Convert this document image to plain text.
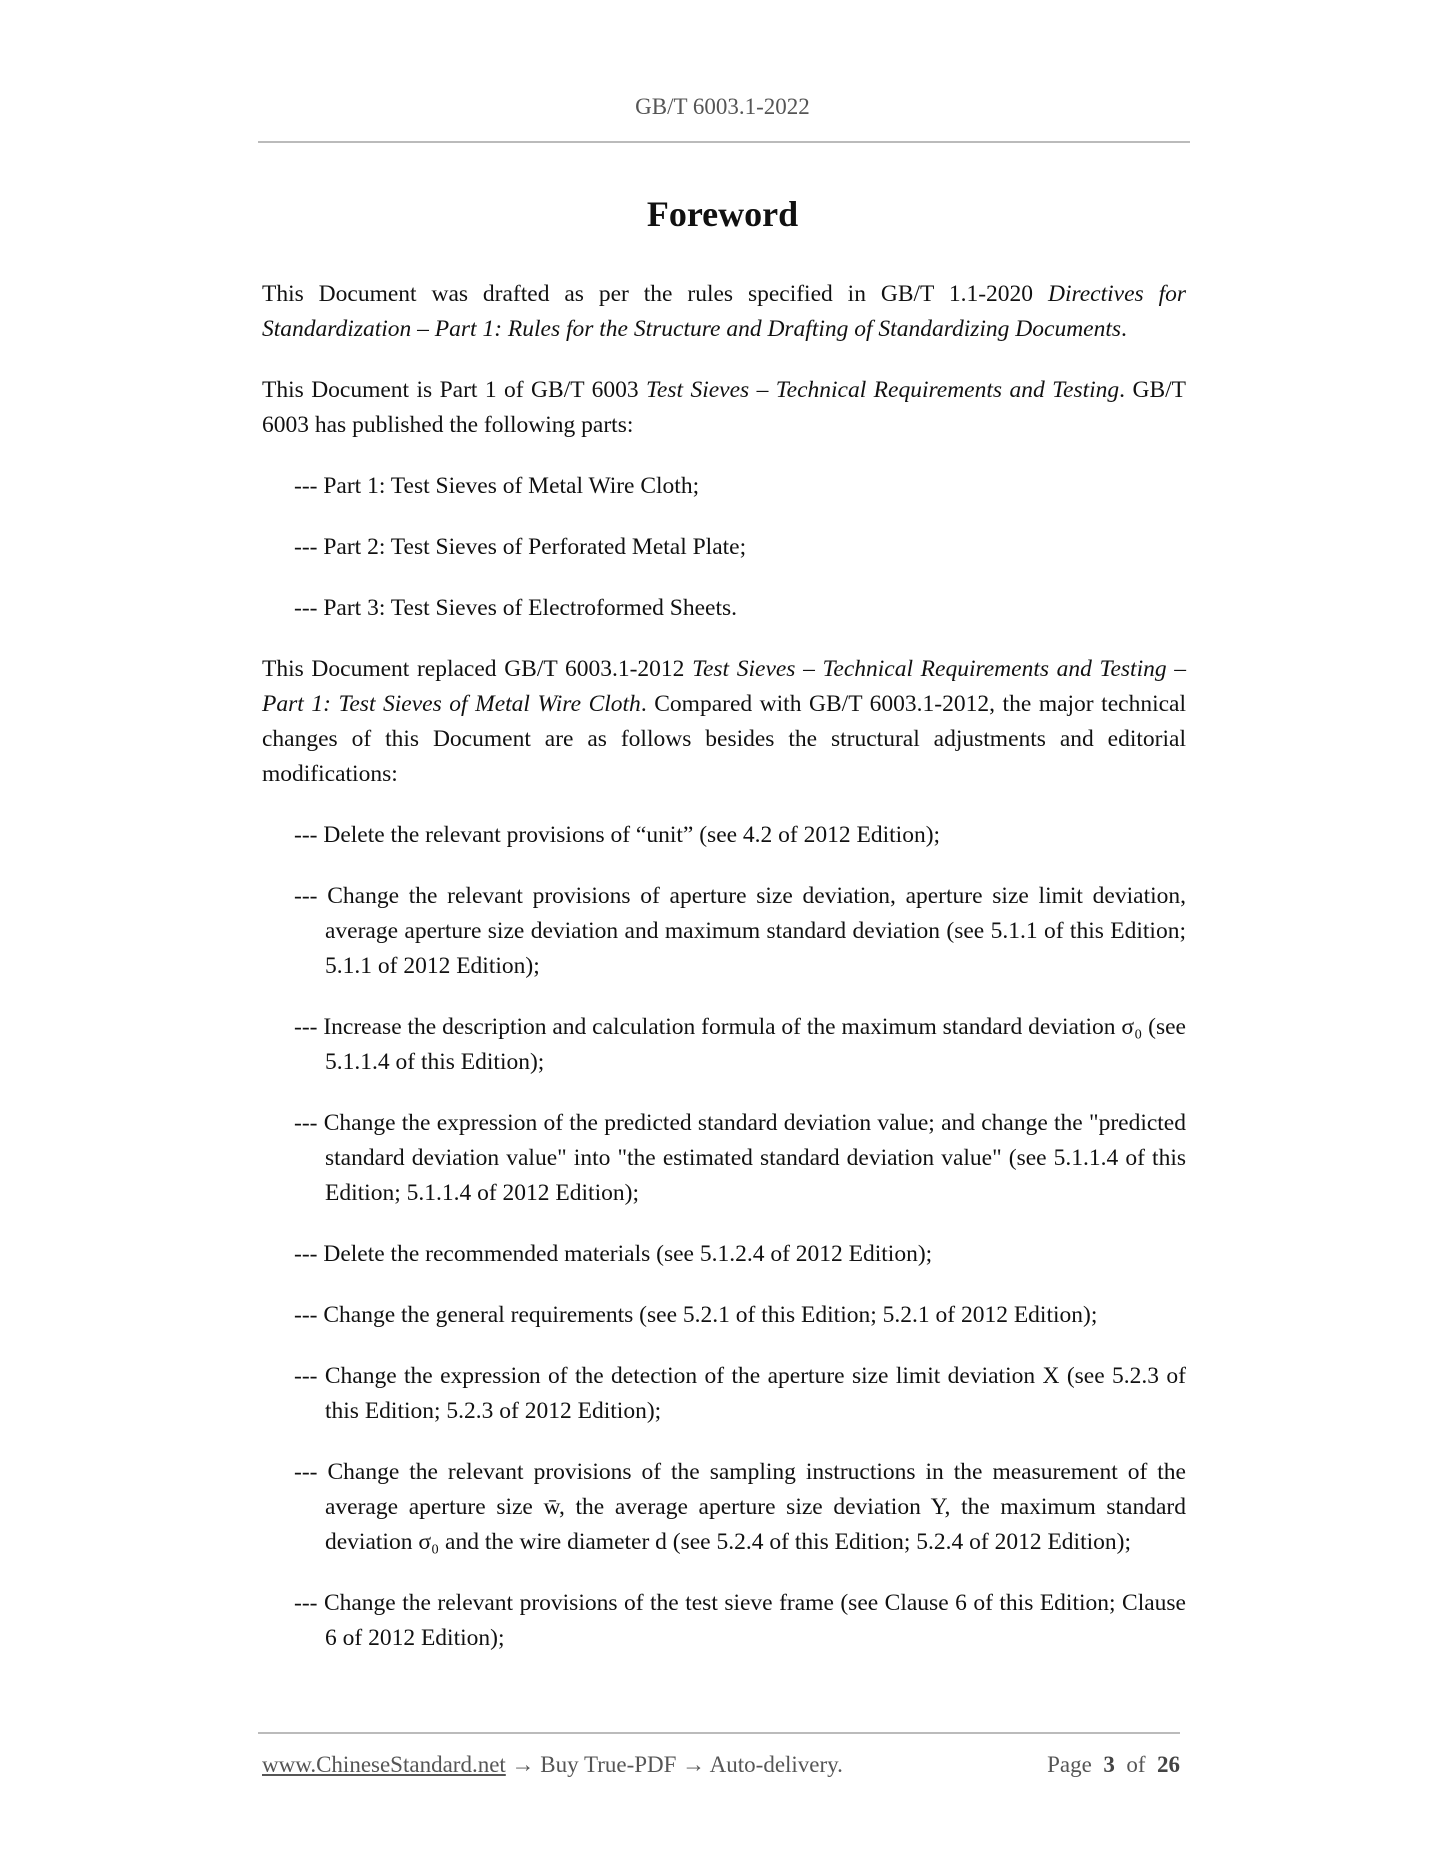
GB/T 6003.1-2022
Foreword

This Document was drafted as per the rules specified in GB/T 1.1-2020 Directives for Standardization – Part 1: Rules for the Structure and Drafting of Standardizing Documents.

This Document is Part 1 of GB/T 6003 Test Sieves – Technical Requirements and Testing. GB/T 6003 has published the following parts:

--- Part 1: Test Sieves of Metal Wire Cloth;

--- Part 2: Test Sieves of Perforated Metal Plate;

--- Part 3: Test Sieves of Electroformed Sheets.

This Document replaced GB/T 6003.1-2012 Test Sieves – Technical Requirements and Testing – Part 1: Test Sieves of Metal Wire Cloth. Compared with GB/T 6003.1-2012, the major technical changes of this Document are as follows besides the structural adjustments and editorial modifications:

--- Delete the relevant provisions of “unit” (see 4.2 of 2012 Edition);

--- Change the relevant provisions of aperture size deviation, aperture size limit deviation, average aperture size deviation and maximum standard deviation (see 5.1.1 of this Edition; 5.1.1 of 2012 Edition);

--- Increase the description and calculation formula of the maximum standard deviation σ₀ (see 5.1.1.4 of this Edition);

--- Change the expression of the predicted standard deviation value; and change the "predicted standard deviation value" into "the estimated standard deviation value" (see 5.1.1.4 of this Edition; 5.1.1.4 of 2012 Edition);

--- Delete the recommended materials (see 5.1.2.4 of 2012 Edition);

--- Change the general requirements (see 5.2.1 of this Edition; 5.2.1 of 2012 Edition);

--- Change the expression of the detection of the aperture size limit deviation X (see 5.2.3 of this Edition; 5.2.3 of 2012 Edition);

--- Change the relevant provisions of the sampling instructions in the measurement of the average aperture size w̄, the average aperture size deviation Y, the maximum standard deviation σ₀ and the wire diameter d (see 5.2.4 of this Edition; 5.2.4 of 2012 Edition);

--- Change the relevant provisions of the test sieve frame (see Clause 6 of this Edition; Clause 6 of 2012 Edition);

www.ChineseStandard.net → Buy True-PDF → Auto-delivery.	Page 3 of 26
